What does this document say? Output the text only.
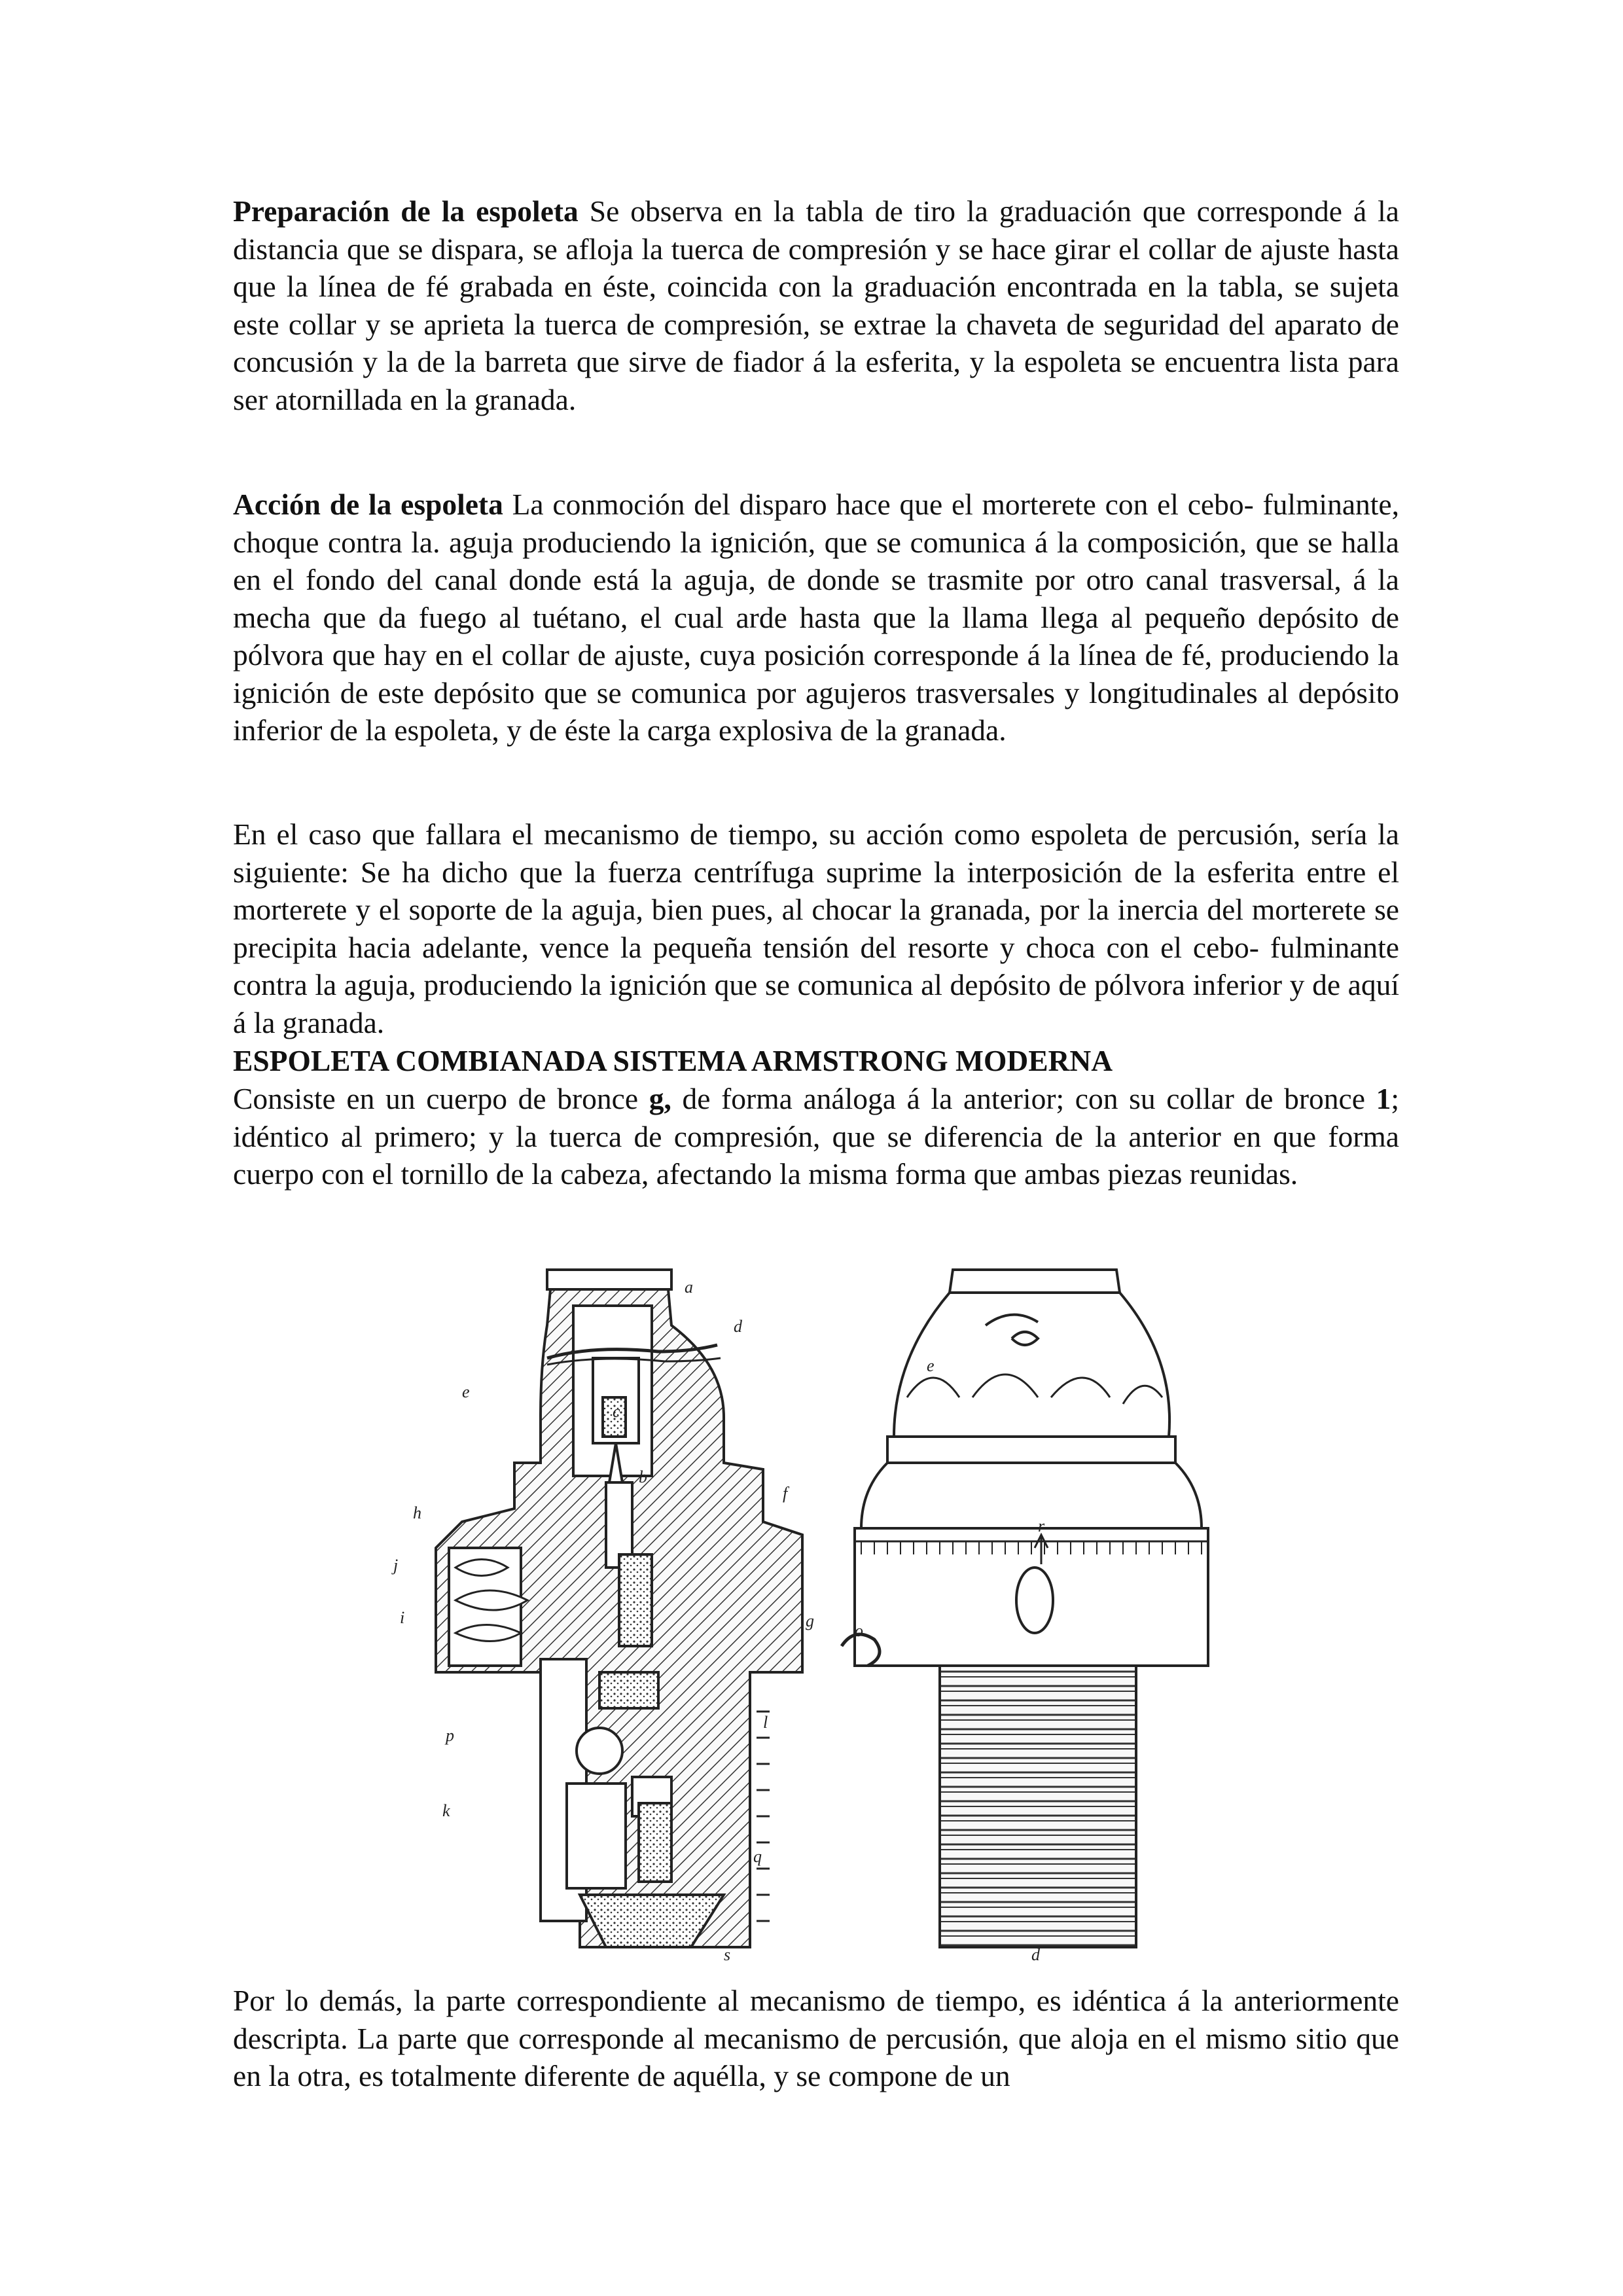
Preparación de la espoleta Se observa en la tabla de tiro la graduación que corresponde á la distancia que se dispara, se afloja la tuerca de compresión y se hace girar el collar de ajuste hasta que la línea de fé grabada en éste, coincida con la graduación encontrada en la tabla, se sujeta este collar y se aprieta la tuerca de compresión, se extrae la chaveta de seguridad del aparato de concusión y la de la barreta que sirve de fiador á la esferita, y la espoleta se encuentra lista para ser atornillada en la granada.

Acción de la espoleta La conmoción del disparo hace que el morterete con el cebo- fulminante, choque contra la. aguja produciendo la ignición, que se comunica á la composición, que se halla en el fondo del canal donde está la aguja, de donde se trasmite por otro canal trasversal, á la mecha que da fuego al tuétano, el cual arde hasta que la llama llega al pequeño depósito de pólvora que hay en el collar de ajuste, cuya posición corresponde á la línea de fé, produciendo la ignición de este depósito que se comunica por agujeros trasversales y longitudinales al depósito inferior de la espoleta, y de éste la carga explosiva de la granada.

En el caso que fallara el mecanismo de tiempo, su acción como espoleta de percusión, sería la siguiente: Se ha dicho que la fuerza centrífuga suprime la interposición de la esferita entre el morterete y el soporte de la aguja, bien pues, al chocar la granada, por la inercia del morterete se precipita hacia adelante, vence la pequeña tensión del resorte y choca con el cebo- fulminante contra la aguja, produciendo la ignición que se comunica al depósito de pólvora inferior y de aquí á la granada.

ESPOLETA COMBIANADA SISTEMA ARMSTRONG MODERNA

Consiste en un cuerpo de bronce g, de forma análoga á la anterior; con su collar de bronce 1; idéntico al primero; y la tuerca de compresión, que se diferencia de la anterior en que forma cuerpo con el tornillo de la cabeza, afectando la misma forma que ambas piezas reunidas.

a
d
e
c
b
f
h
j
i	g
p
l
k
q
s
e
r
o
d

Por lo demás, la parte correspondiente al mecanismo de tiempo, es idéntica á la anteriormente descripta. La parte que corresponde al mecanismo de percusión, que aloja en el mismo sitio que en la otra, es totalmente diferente de aquélla, y se compone de un
